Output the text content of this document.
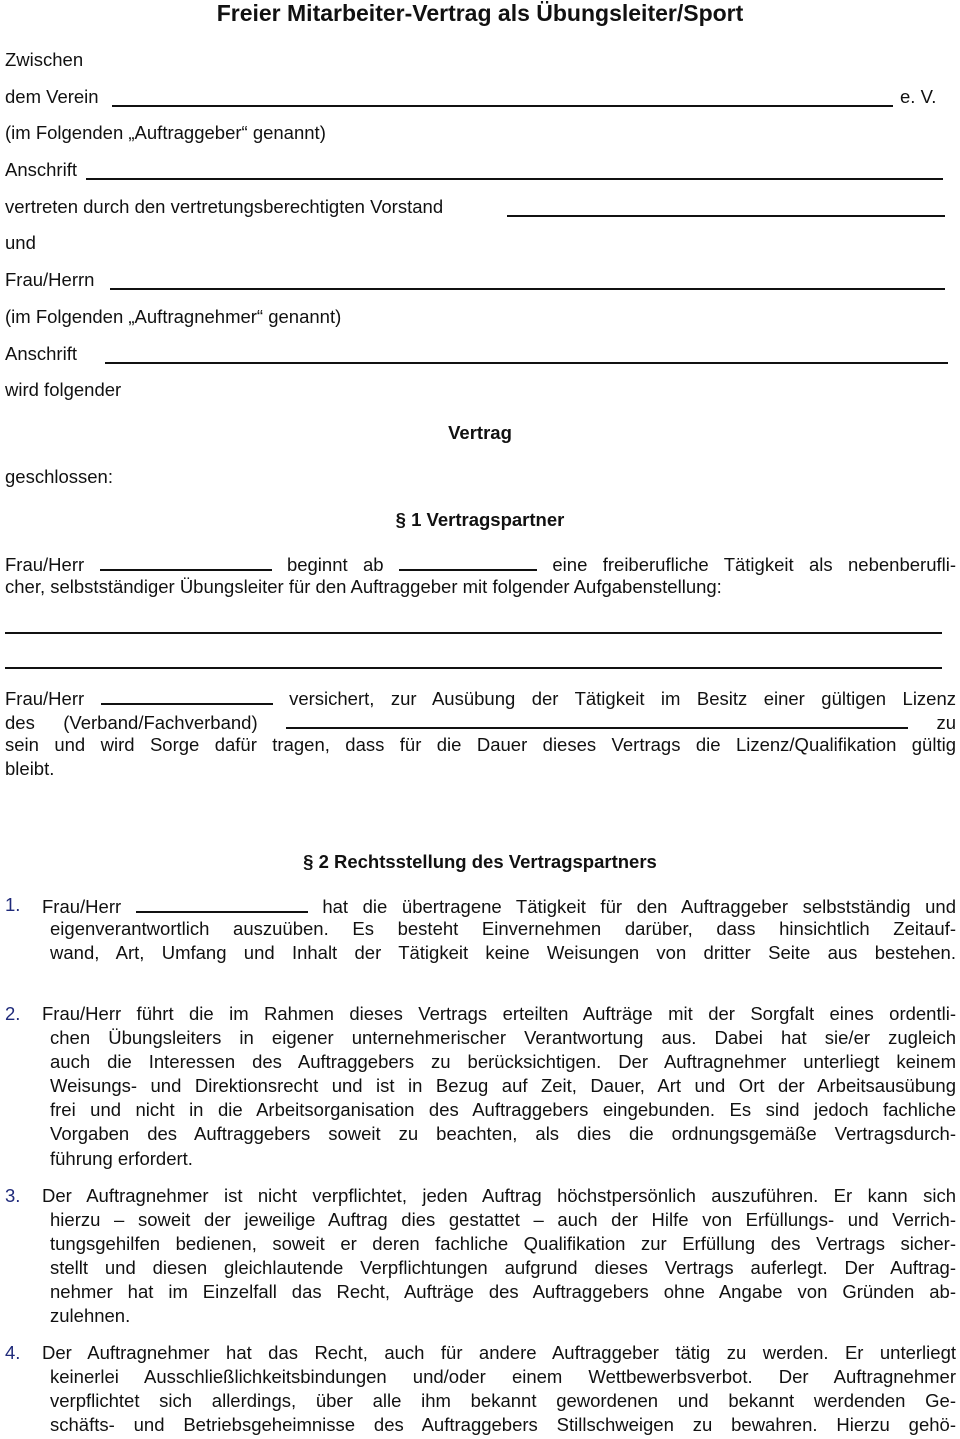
Freier Mitarbeiter-Vertrag als Übungsleiter/Sport
Zwischen
dem Verein	e. V.
(im Folgenden „Auftraggeber“ genannt)
Anschrift
vertreten durch den vertretungsberechtigten Vorstand
und
Frau/Herrn
(im Folgenden „Auftragnehmer“ genannt)
Anschrift
wird folgender
Vertrag
geschlossen:
§ 1 Vertragspartner
Frau/Herr	beginnt ab	eine freiberufliche Tätigkeit als nebenberufli-
cher, selbstständiger Übungsleiter für den Auftraggeber mit folgender Aufgabenstellung:
Frau/Herr	versichert, zur Ausübung der Tätigkeit im Besitz einer gültigen Lizenz
des (Verband/Fachverband)	zu
sein und wird Sorge dafür tragen, dass für die Dauer dieses Vertrags die Lizenz/Qualifikation gültig
bleibt.
§ 2 Rechtsstellung des Vertragspartners
1. Frau/Herr	hat die übertragene Tätigkeit für den Auftraggeber selbstständig und
eigenverantwortlich auszuüben. Es besteht Einvernehmen darüber, dass hinsichtlich Zeitauf-
wand, Art, Umfang und Inhalt der Tätigkeit keine Weisungen von dritter Seite aus bestehen.
2. Frau/Herr führt die im Rahmen dieses Vertrags erteilten Aufträge mit der Sorgfalt eines ordentli-
chen Übungsleiters in eigener unternehmerischer Verantwortung aus. Dabei hat sie/er zugleich
auch die Interessen des Auftraggebers zu berücksichtigen. Der Auftragnehmer unterliegt keinem
Weisungs- und Direktionsrecht und ist in Bezug auf Zeit, Dauer, Art und Ort der Arbeitsausübung
frei und nicht in die Arbeitsorganisation des Auftraggebers eingebunden. Es sind jedoch fachliche
Vorgaben des Auftraggebers soweit zu beachten, als dies die ordnungsgemäße Vertragsdurch-
führung erfordert.
3. Der Auftragnehmer ist nicht verpflichtet, jeden Auftrag höchstpersönlich auszuführen. Er kann sich
hierzu – soweit der jeweilige Auftrag dies gestattet – auch der Hilfe von Erfüllungs- und Verrich-
tungsgehilfen bedienen, soweit er deren fachliche Qualifikation zur Erfüllung des Vertrags sicher-
stellt und diesen gleichlautende Verpflichtungen aufgrund dieses Vertrags auferlegt. Der Auftrag-
nehmer hat im Einzelfall das Recht, Aufträge des Auftraggebers ohne Angabe von Gründen ab-
zulehnen.
4. Der Auftragnehmer hat das Recht, auch für andere Auftraggeber tätig zu werden. Er unterliegt
keinerlei Ausschließlichkeitsbindungen und/oder einem Wettbewerbsverbot. Der Auftragnehmer
verpflichtet sich allerdings, über alle ihm bekannt gewordenen und bekannt werdenden Ge-
schäfts- und Betriebsgeheimnisse des Auftraggebers Stillschweigen zu bewahren. Hierzu gehö-
